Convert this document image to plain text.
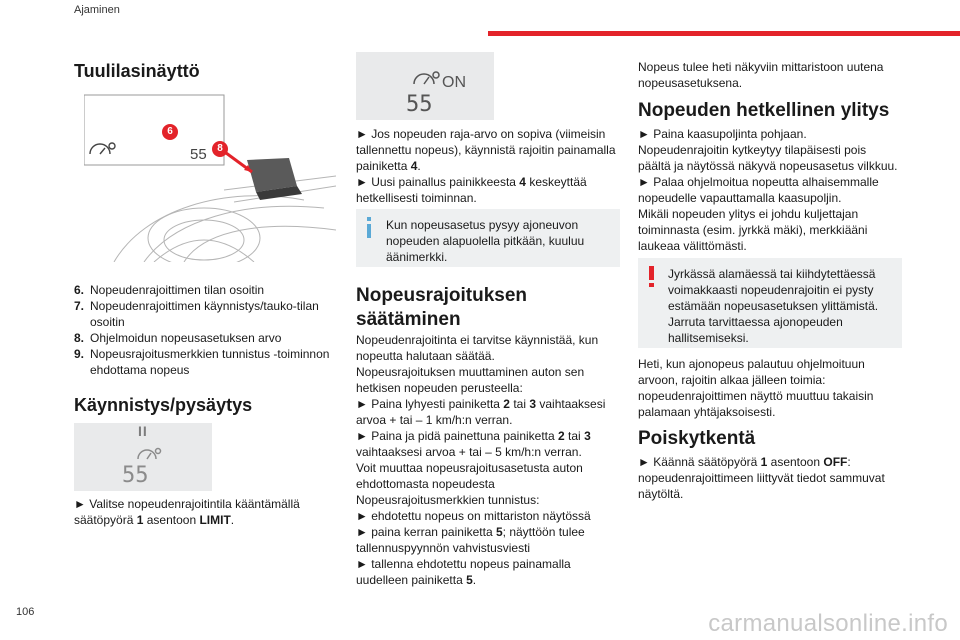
Ajaminen
Tuulilasinäyttö
6
55	8
6. Nopeudenrajoittimen tilan osoitin
7. Nopeudenrajoittimen käynnistys/tauko-tilan osoitin
8. Ohjelmoidun nopeusasetuksen arvo
9. Nopeusrajoitusmerkkien tunnistus -toiminnon ehdottama nopeus
Käynnistys/pysäytys
II
55

► Valitse nopeudenrajoitintila kääntämällä säätöpyörä 1 asentoon LIMIT.

ON
55

► Jos nopeuden raja-arvo on sopiva (viimeisin tallennettu nopeus), käynnistä rajoitin painamalla painiketta 4.

► Uusi painallus painikkeesta 4 keskeyttää hetkellisesti toiminnan.

Kun nopeusasetus pysyy ajoneuvon nopeuden alapuolella pitkään, kuuluu äänimerkki.
Nopeusrajoituksen
säätäminen

Nopeudenrajoitinta ei tarvitse käynnistää, kun nopeutta halutaan säätää.

Nopeusrajoituksen muuttaminen auton sen hetkisen nopeuden perusteella:

► Paina lyhyesti painiketta 2 tai 3 vaihtaaksesi arvoa + tai – 1 km/h:n verran.

► Paina ja pidä painettuna painiketta 2 tai 3 vaihtaaksesi arvoa + tai – 5 km/h:n verran.

Voit muuttaa nopeusrajoitusasetusta auton ehdottomasta nopeudesta Nopeusrajoitusmerkkien tunnistus:

► ehdotettu nopeus on mittariston näytössä

► paina kerran painiketta 5; näyttöön tulee tallennuspyynnön vahvistusviesti

► tallenna ehdotettu nopeus painamalla uudelleen painiketta 5.

Nopeus tulee heti näkyviin mittaristoon uutena nopeusasetuksena.

Nopeuden hetkellinen ylitys

► Paina kaasupoljinta pohjaan.

Nopeudenrajoitin kytkeytyy tilapäisesti pois päältä ja näytössä näkyvä nopeusasetus vilkkuu.

► Palaa ohjelmoitua nopeutta alhaisemmalle nopeudelle vapauttamalla kaasupoljin.

Mikäli nopeuden ylitys ei johdu kuljettajan toiminnasta (esim. jyrkkä mäki), merkkiääni laukeaa välittömästi.

Jyrkässä alamäessä tai kiihdytettäessä voimakkaasti nopeudenrajoitin ei pysty estämään nopeusasetuksen ylittämistä. Jarruta tarvittaessa ajonopeuden hallitsemiseksi.

Heti, kun ajonopeus palautuu ohjelmoituun arvoon, rajoitin alkaa jälleen toimia: nopeudenrajoittimen näyttö muuttuu takaisin palamaan yhtäjaksoisesti.

Poiskytkentä

► Käännä säätöpyörä 1 asentoon OFF: nopeudenrajoittimeen liittyvät tiedot sammuvat näytöltä.

106	carmanualsonline.info
